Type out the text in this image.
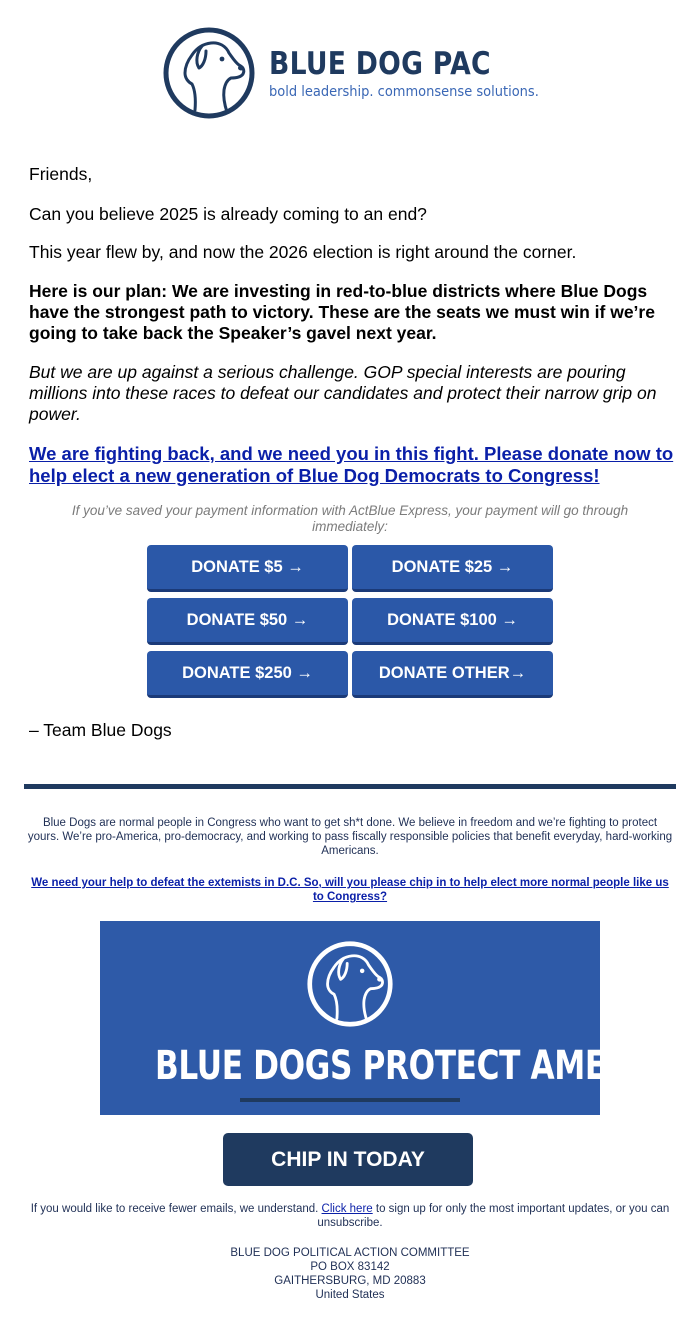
BLUE DOG PAC
bold leadership. commonsense solutions.

Friends,

Can you believe 2025 is already coming to an end?

This year flew by, and now the 2026 election is right around the corner.

Here is our plan: We are investing in red-to-blue districts where Blue Dogs have the strongest path to victory. These are the seats we must win if we’re going to take back the Speaker’s gavel next year.

But we are up against a serious challenge. GOP special interests are pouring millions into these races to defeat our candidates and protect their narrow grip on power.

We are fighting back, and we need you in this fight. Please donate now to help elect a new generation of Blue Dog Democrats to Congress!

If you’ve saved your payment information with ActBlue Express, your payment will go through immediately:
DONATE $5 →	DONATE $25 →
DONATE $50 →	DONATE $100 →
DONATE $250 →	DONATE OTHER→
– Team Blue Dogs
Blue Dogs are normal people in Congress who want to get sh*t done. We believe in freedom and we’re fighting to protect yours. We’re pro-America, pro-democracy, and working to pass fiscally responsible policies that benefit everyday, hard-working Americans.
We need your help to defeat the extemists in D.C. So, will you please chip in to help elect more normal people like us to Congress?
BLUE DOGS PROTECT AMERICA.
CHIP IN TODAY
If you would like to receive fewer emails, we understand. Click here to sign up for only the most important updates, or you can unsubscribe.
BLUE DOG POLITICAL ACTION COMMITTEE
PO BOX 83142
GAITHERSBURG, MD 20883
United States
